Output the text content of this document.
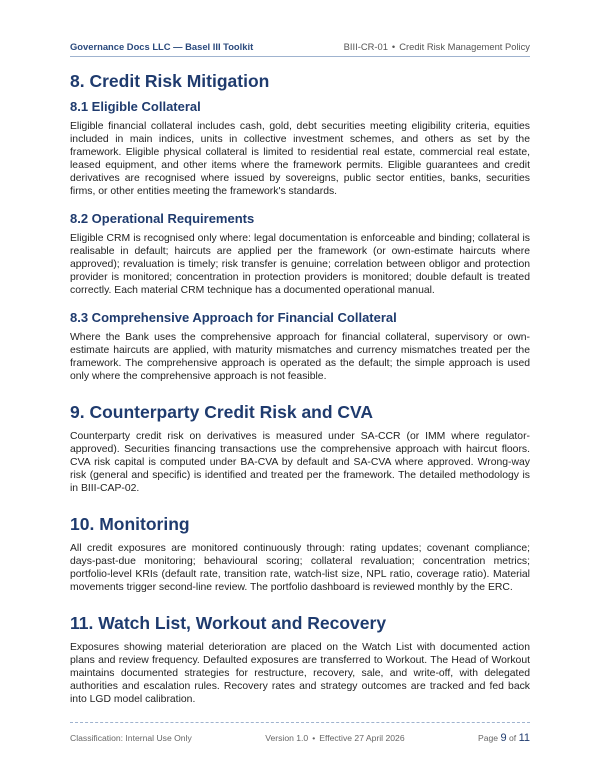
Governance Docs LLC — Basel III Toolkit	BIII-CR-01 • Credit Risk Management Policy
8. Credit Risk Mitigation
8.1 Eligible Collateral

Eligible financial collateral includes cash, gold, debt securities meeting eligibility criteria, equities included in main indices, units in collective investment schemes, and others as set by the framework. Eligible physical collateral is limited to residential real estate, commercial real estate, leased equipment, and other items where the framework permits. Eligible guarantees and credit derivatives are recognised where issued by sovereigns, public sector entities, banks, securities firms, or other entities meeting the framework's standards.

8.2 Operational Requirements

Eligible CRM is recognised only where: legal documentation is enforceable and binding; collateral is realisable in default; haircuts are applied per the framework (or own-estimate haircuts where approved); revaluation is timely; risk transfer is genuine; correlation between obligor and protection provider is monitored; concentration in protection providers is monitored; double default is treated correctly. Each material CRM technique has a documented operational manual.

8.3 Comprehensive Approach for Financial Collateral

Where the Bank uses the comprehensive approach for financial collateral, supervisory or own-estimate haircuts are applied, with maturity mismatches and currency mismatches treated per the framework. The comprehensive approach is operated as the default; the simple approach is used only where the comprehensive approach is not feasible.

9. Counterparty Credit Risk and CVA

Counterparty credit risk on derivatives is measured under SA-CCR (or IMM where regulator-approved). Securities financing transactions use the comprehensive approach with haircut floors. CVA risk capital is computed under BA-CVA by default and SA-CVA where approved. Wrong-way risk (general and specific) is identified and treated per the framework. The detailed methodology is in BIII-CAP-02.

10. Monitoring

All credit exposures are monitored continuously through: rating updates; covenant compliance; days-past-due monitoring; behavioural scoring; collateral revaluation; concentration metrics; portfolio-level KRIs (default rate, transition rate, watch-list size, NPL ratio, coverage ratio). Material movements trigger second-line review. The portfolio dashboard is reviewed monthly by the ERC.

11. Watch List, Workout and Recovery

Exposures showing material deterioration are placed on the Watch List with documented action plans and review frequency. Defaulted exposures are transferred to Workout. The Head of Workout maintains documented strategies for restructure, recovery, sale, and write-off, with delegated authorities and escalation rules. Recovery rates and strategy outcomes are tracked and fed back into LGD model calibration.

Classification: Internal Use Only	Version 1.0 • Effective 27 April 2026	Page 9 of 11
